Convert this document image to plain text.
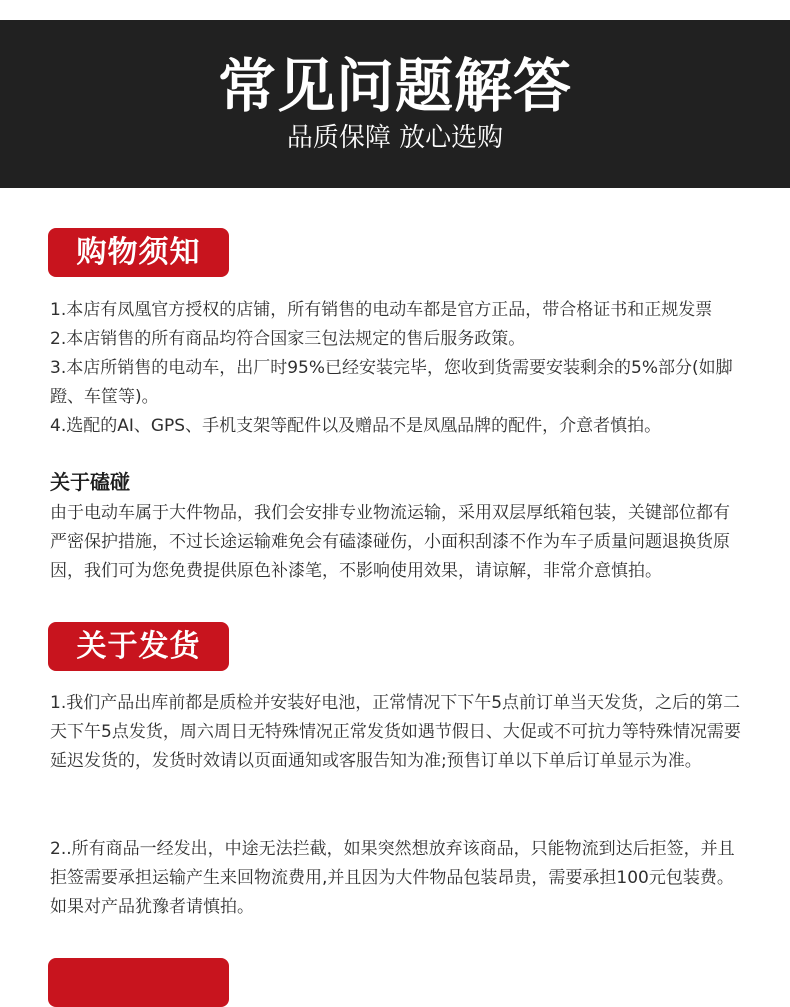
常见问题解答
品质保障 放心选购
购物须知

1.本店有凤凰官方授权的店铺，所有销售的电动车都是官方正品，带合格证书和正规发票

2.本店销售的所有商品均符合国家三包法规定的售后服务政策。

3.本店所销售的电动车，出厂时95%已经安装完毕，您收到货需要安装剩余的5%部分(如脚蹬、车筐等)。

4.选配的AI、GPS、手机支架等配件以及赠品不是凤凰品牌的配件，介意者慎拍。

关于磕碰

由于电动车属于大件物品，我们会安排专业物流运输，采用双层厚纸箱包装，关键部位都有严密保护措施，不过长途运输难免会有磕漆碰伤，小面积刮漆不作为车子质量问题退换货原因，我们可为您免费提供原色补漆笔，不影响使用效果，请谅解，非常介意慎拍。

关于发货

1.我们产品出库前都是质检并安装好电池，正常情况下下午5点前订单当天发货，之后的第二天下午5点发货，周六周日无特殊情况正常发货如遇节假日、大促或不可抗力等特殊情况需要延迟发货的，发货时效请以页面通知或客服告知为准;预售订单以下单后订单显示为准。

2..所有商品一经发出，中途无法拦截，如果突然想放弃该商品，只能物流到达后拒签，并且拒签需要承担运输产生来回物流费用,并且因为大件物品包装昂贵，需要承担100元包装费。如果对产品犹豫者请慎拍。
